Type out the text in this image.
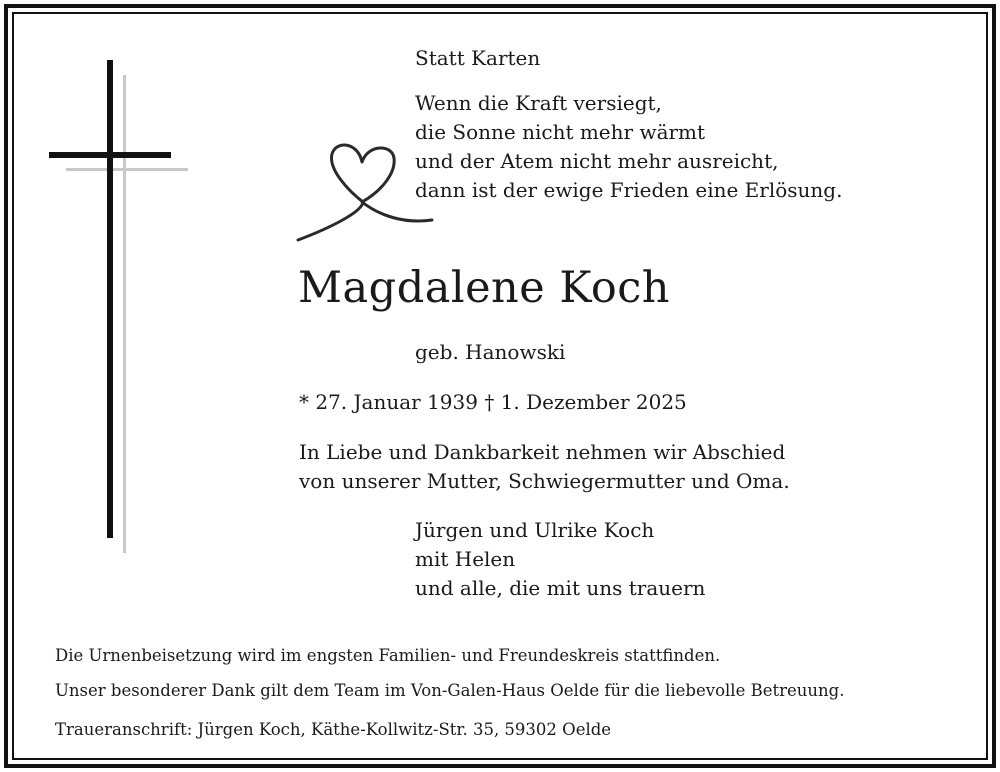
Statt Karten

Wenn die Kraft versiegt,
die Sonne nicht mehr wärmt
und der Atem nicht mehr ausreicht,
dann ist der ewige Frieden eine Erlösung.

Magdalene Koch

geb. Hanowski

* 27. Januar 1939 † 1. Dezember 2025

In Liebe und Dankbarkeit nehmen wir Abschied
von unserer Mutter, Schwiegermutter und Oma.
Jürgen und Ulrike Koch
mit Helen
und alle, die mit uns trauern

Die Urnenbeisetzung wird im engsten Familien- und Freundeskreis stattfinden.

Unser besonderer Dank gilt dem Team im Von-Galen-Haus Oelde für die liebevolle Betreuung.

Traueranschrift: Jürgen Koch, Käthe-Kollwitz-Str. 35, 59302 Oelde
